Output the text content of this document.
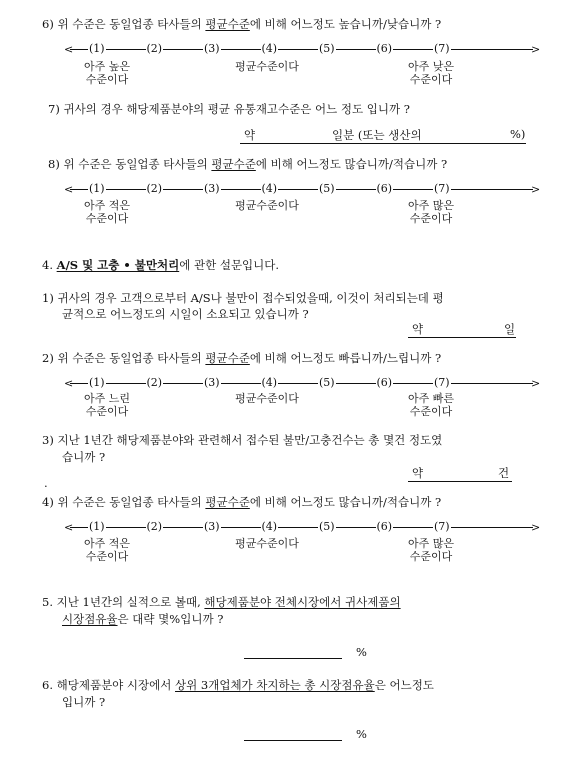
6) 위 수준은 동일업종 타사들의 평균수준에 비해 어느정도 높습니까/낮습니까 ?
<	>
(1)	(2)	(3)	(4)	(5)	(6)	(7)
아주 높은
수준이다
평균수준이다	아주 낮은
수준이다
7) 귀사의 경우 해당제품분야의 평균 유통재고수준은 어느 정도 입니까 ?
약	일분 (또는 생산의	%)
8) 위 수준은 동일업종 타사들의 평균수준에 비해 어느정도 많습니까/적습니까 ?
<	>
(1)	(2)	(3)	(4)	(5)	(6)	(7)
아주 적은
수준이다
평균수준이다	아주 많은
수준이다
4. A/S 및 고충 • 불만처리에 관한 설문입니다.
1) 귀사의 경우 고객으로부터 A/S나 불만이 접수되었을때, 이것이 처리되는데 평
균적으로 어느정도의 시일이 소요되고 있습니까 ?
약	일
2) 위 수준은 동일업종 타사들의 평균수준에 비해 어느정도 빠릅니까/느립니까 ?
<	>
(1)	(2)	(3)	(4)	(5)	(6)	(7)
아주 느린
수준이다
평균수준이다	아주 빠른
수준이다
3) 지난 1년간 해당제품분야와 관련해서 접수된 불만/고충건수는 총 몇건 정도였
습니까 ?
약	건
.
4) 위 수준은 동일업종 타사들의 평균수준에 비해 어느정도 많습니까/적습니까 ?
<	>
(1)	(2)	(3)	(4)	(5)	(6)	(7)
아주 적은
수준이다
평균수준이다	아주 많은
수준이다
5. 지난 1년간의 실적으로 볼때, 해당제품분야 전체시장에서 귀사제품의
시장점유율은 대략 몇%입니까 ?
%
6. 해당제품분야 시장에서 상위 3개업체가 차지하는 총 시장점유율은 어느정도
입니까 ?
%
